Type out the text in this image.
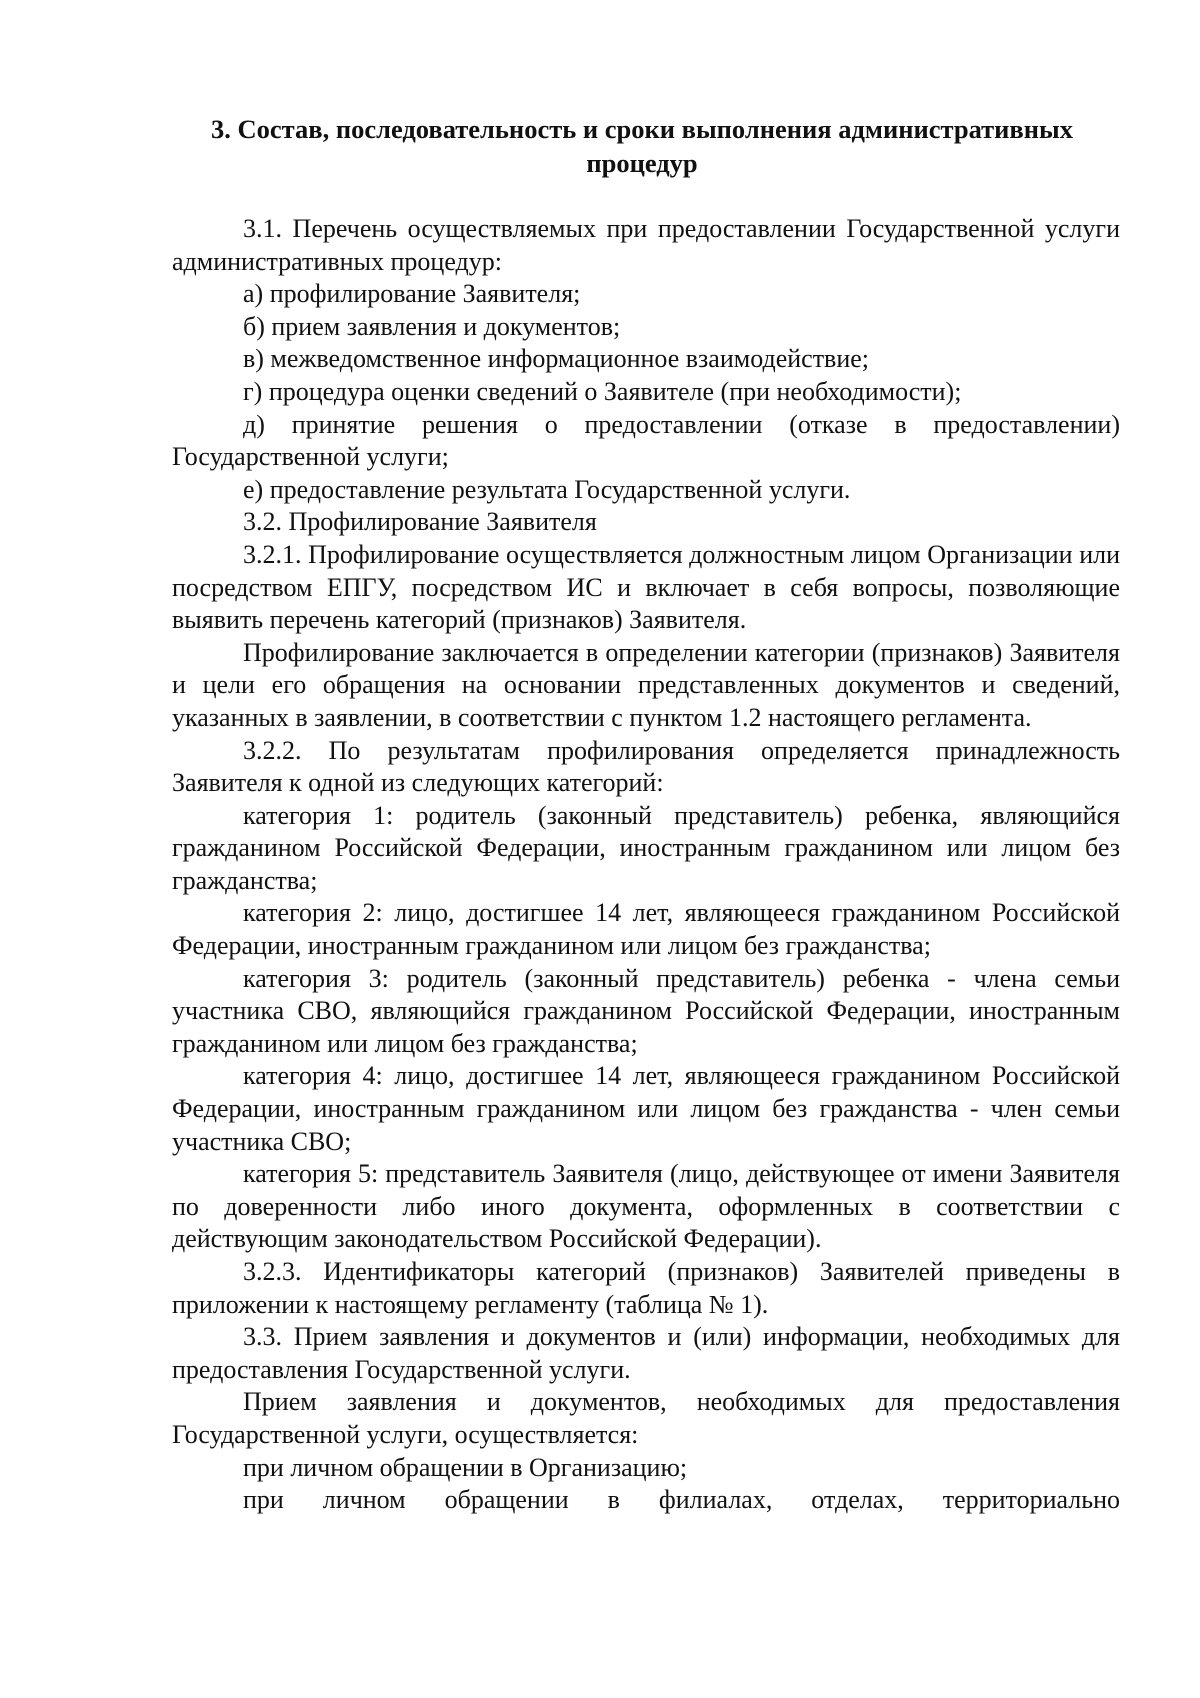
3. Состав, последовательность и сроки выполнения административных процедур

3.1. Перечень осуществляемых при предоставлении Государственной услуги административных процедур:

а) профилирование Заявителя;

б) прием заявления и документов;

в) межведомственное информационное взаимодействие;

г) процедура оценки сведений о Заявителе (при необходимости);

д) принятие решения о предоставлении (отказе в предоставлении) Государственной услуги;

е) предоставление результата Государственной услуги.

3.2. Профилирование Заявителя

3.2.1. Профилирование осуществляется должностным лицом Организации или посредством ЕПГУ, посредством ИС и включает в себя вопросы, позволяющие выявить перечень категорий (признаков) Заявителя.

Профилирование заключается в определении категории (признаков) Заявителя и цели его обращения на основании представленных документов и сведений, указанных в заявлении, в соответствии с пунктом 1.2 настоящего регламента.

3.2.2. По результатам профилирования определяется принадлежность Заявителя к одной из следующих категорий:

категория 1: родитель (законный представитель) ребенка, являющийся гражданином Российской Федерации, иностранным гражданином или лицом без гражданства;

категория 2: лицо, достигшее 14 лет, являющееся гражданином Российской Федерации, иностранным гражданином или лицом без гражданства;

категория 3: родитель (законный представитель) ребенка - члена семьи участника СВО, являющийся гражданином Российской Федерации, иностранным гражданином или лицом без гражданства;

категория 4: лицо, достигшее 14 лет, являющееся гражданином Российской Федерации, иностранным гражданином или лицом без гражданства - член семьи участника СВО;

категория 5: представитель Заявителя (лицо, действующее от имени Заявителя по доверенности либо иного документа, оформленных в соответствии с действующим законодательством Российской Федерации).

3.2.3. Идентификаторы категорий (признаков) Заявителей приведены в приложении к настоящему регламенту (таблица № 1).

3.3. Прием заявления и документов и (или) информации, необходимых для предоставления Государственной услуги.

Прием заявления и документов, необходимых для предоставления Государственной услуги, осуществляется:

при личном обращении в Организацию;

при личном обращении в филиалах, отделах, территориально
